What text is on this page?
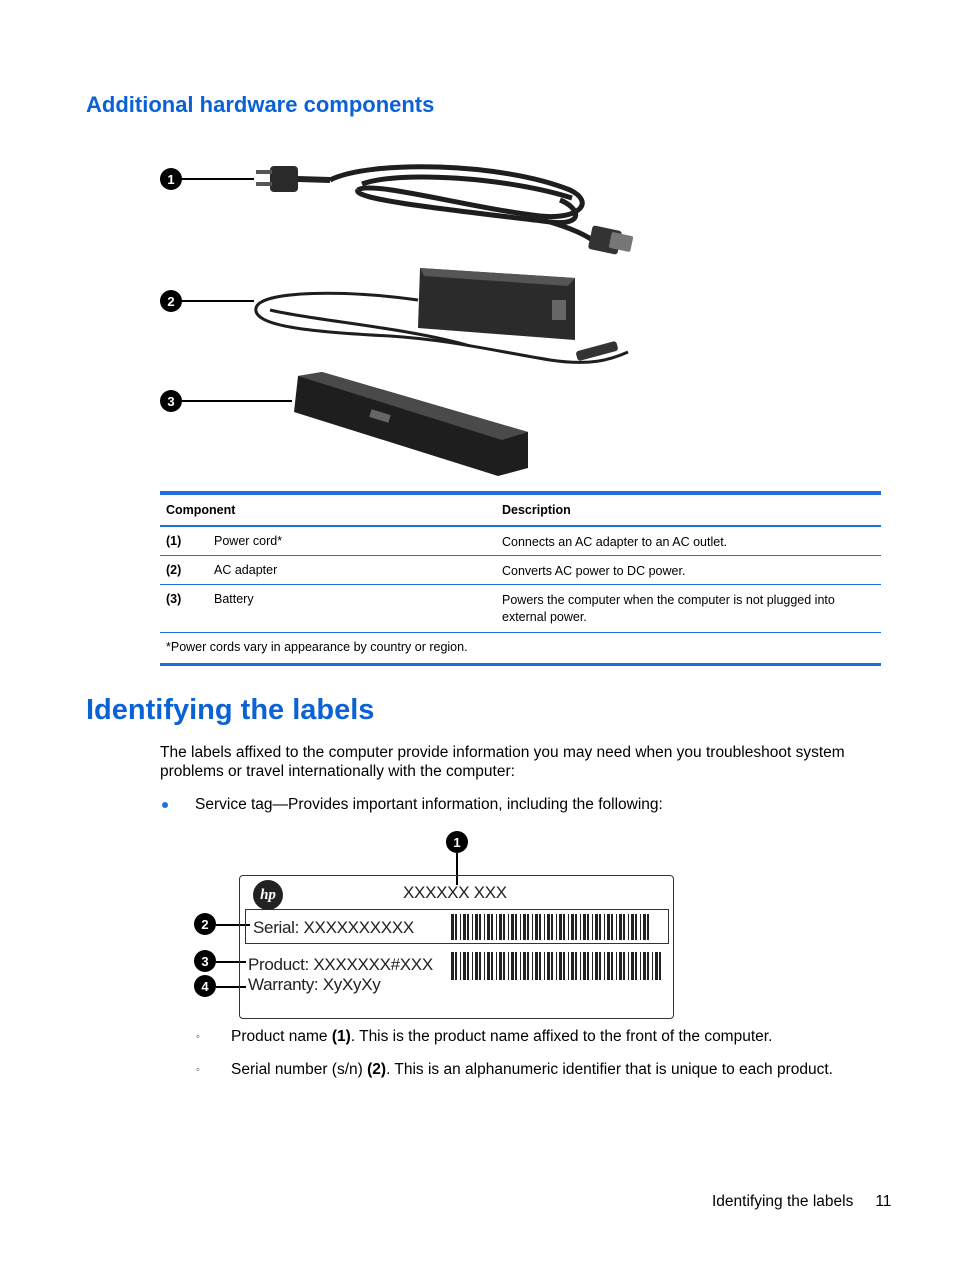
Additional hardware components
1
2
3
Component	Description
(1)	Power cord*	Connects an AC adapter to an AC outlet.
(2)	AC adapter	Converts AC power to DC power.
(3)	Battery	Powers the computer when the computer is not plugged into external power.
*Power cords vary in appearance by country or region.
Identifying the labels

The labels affixed to the computer provide information you may need when you troubleshoot system problems or travel internationally with the computer:

Service tag—Provides important information, including the following:
1
2
3
4
hp	XXXXXX XXX
Serial: XXXXXXXXXX
Product: XXXXXXX#XXX
Warranty: XyXyXy
◦	Product name (1). This is the product name affixed to the front of the computer.
◦	Serial number (s/n) (2). This is an alphanumeric identifier that is unique to each product.
Identifying the labels 11
